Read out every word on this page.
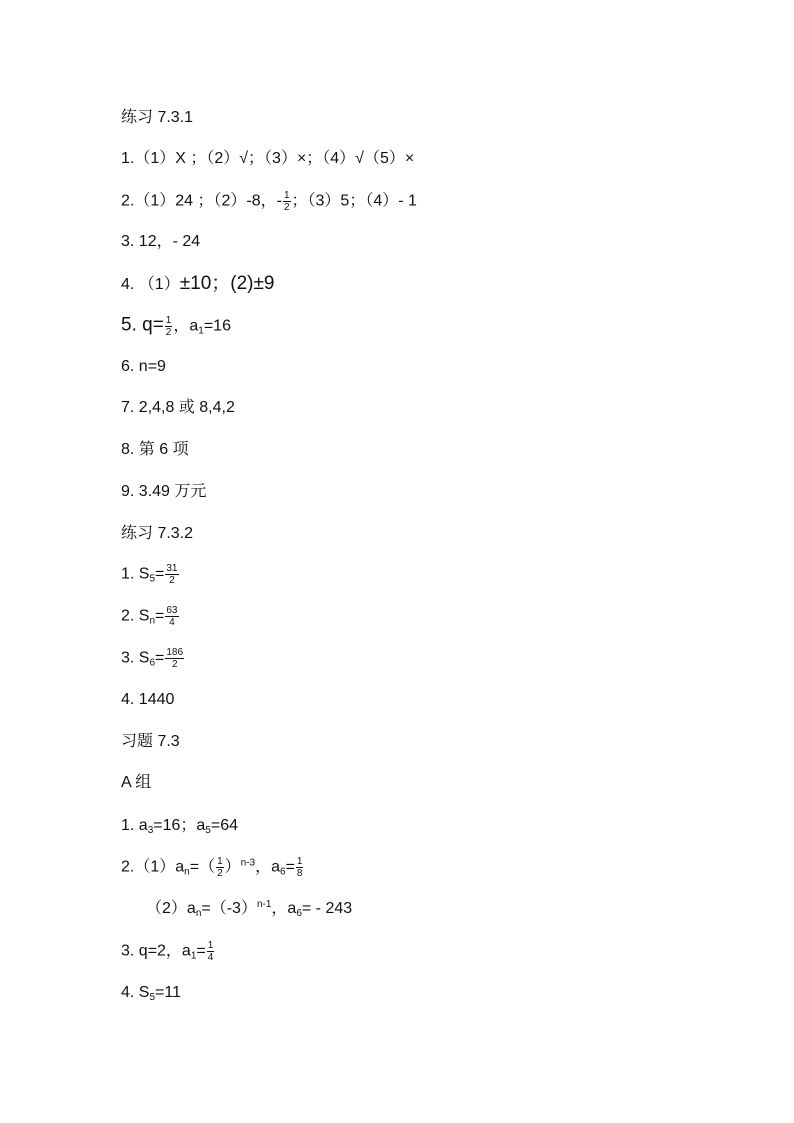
练习 7.3.1
1.（1）X ；（2）√；（3）×；（4）√（5）×
2.（1）24 ；（2）-8，- $\frac{1}{2}$ ；（3）5；（4）- 1
3. 12，- 24
4. （1）±10；(2)±9
5. $q= \frac{1}{2}$ ，$a_1=16$
6. n=9
7. 2,4,8 或 8,4,2
8. 第 6 项
9. 3.49 万元
练习 7.3.2
1. $S_5= \frac{31}{2}$
2. $S_n= \frac{63}{4}$
3. $S_6= \frac{186}{2}$
4. 1440
习题 7.3
A 组
1. $a_3=16$；$a_5=64$
$2.(1)a_n=( \frac{1}{2} )^{n-3}$，$a_6= \frac{1}{8}$
$(2)a_n=(-3)^{n-1}$，$a_6= - 243$
3. q=2，$a_1= \frac{1}{4}$
4. $S_5=11$
